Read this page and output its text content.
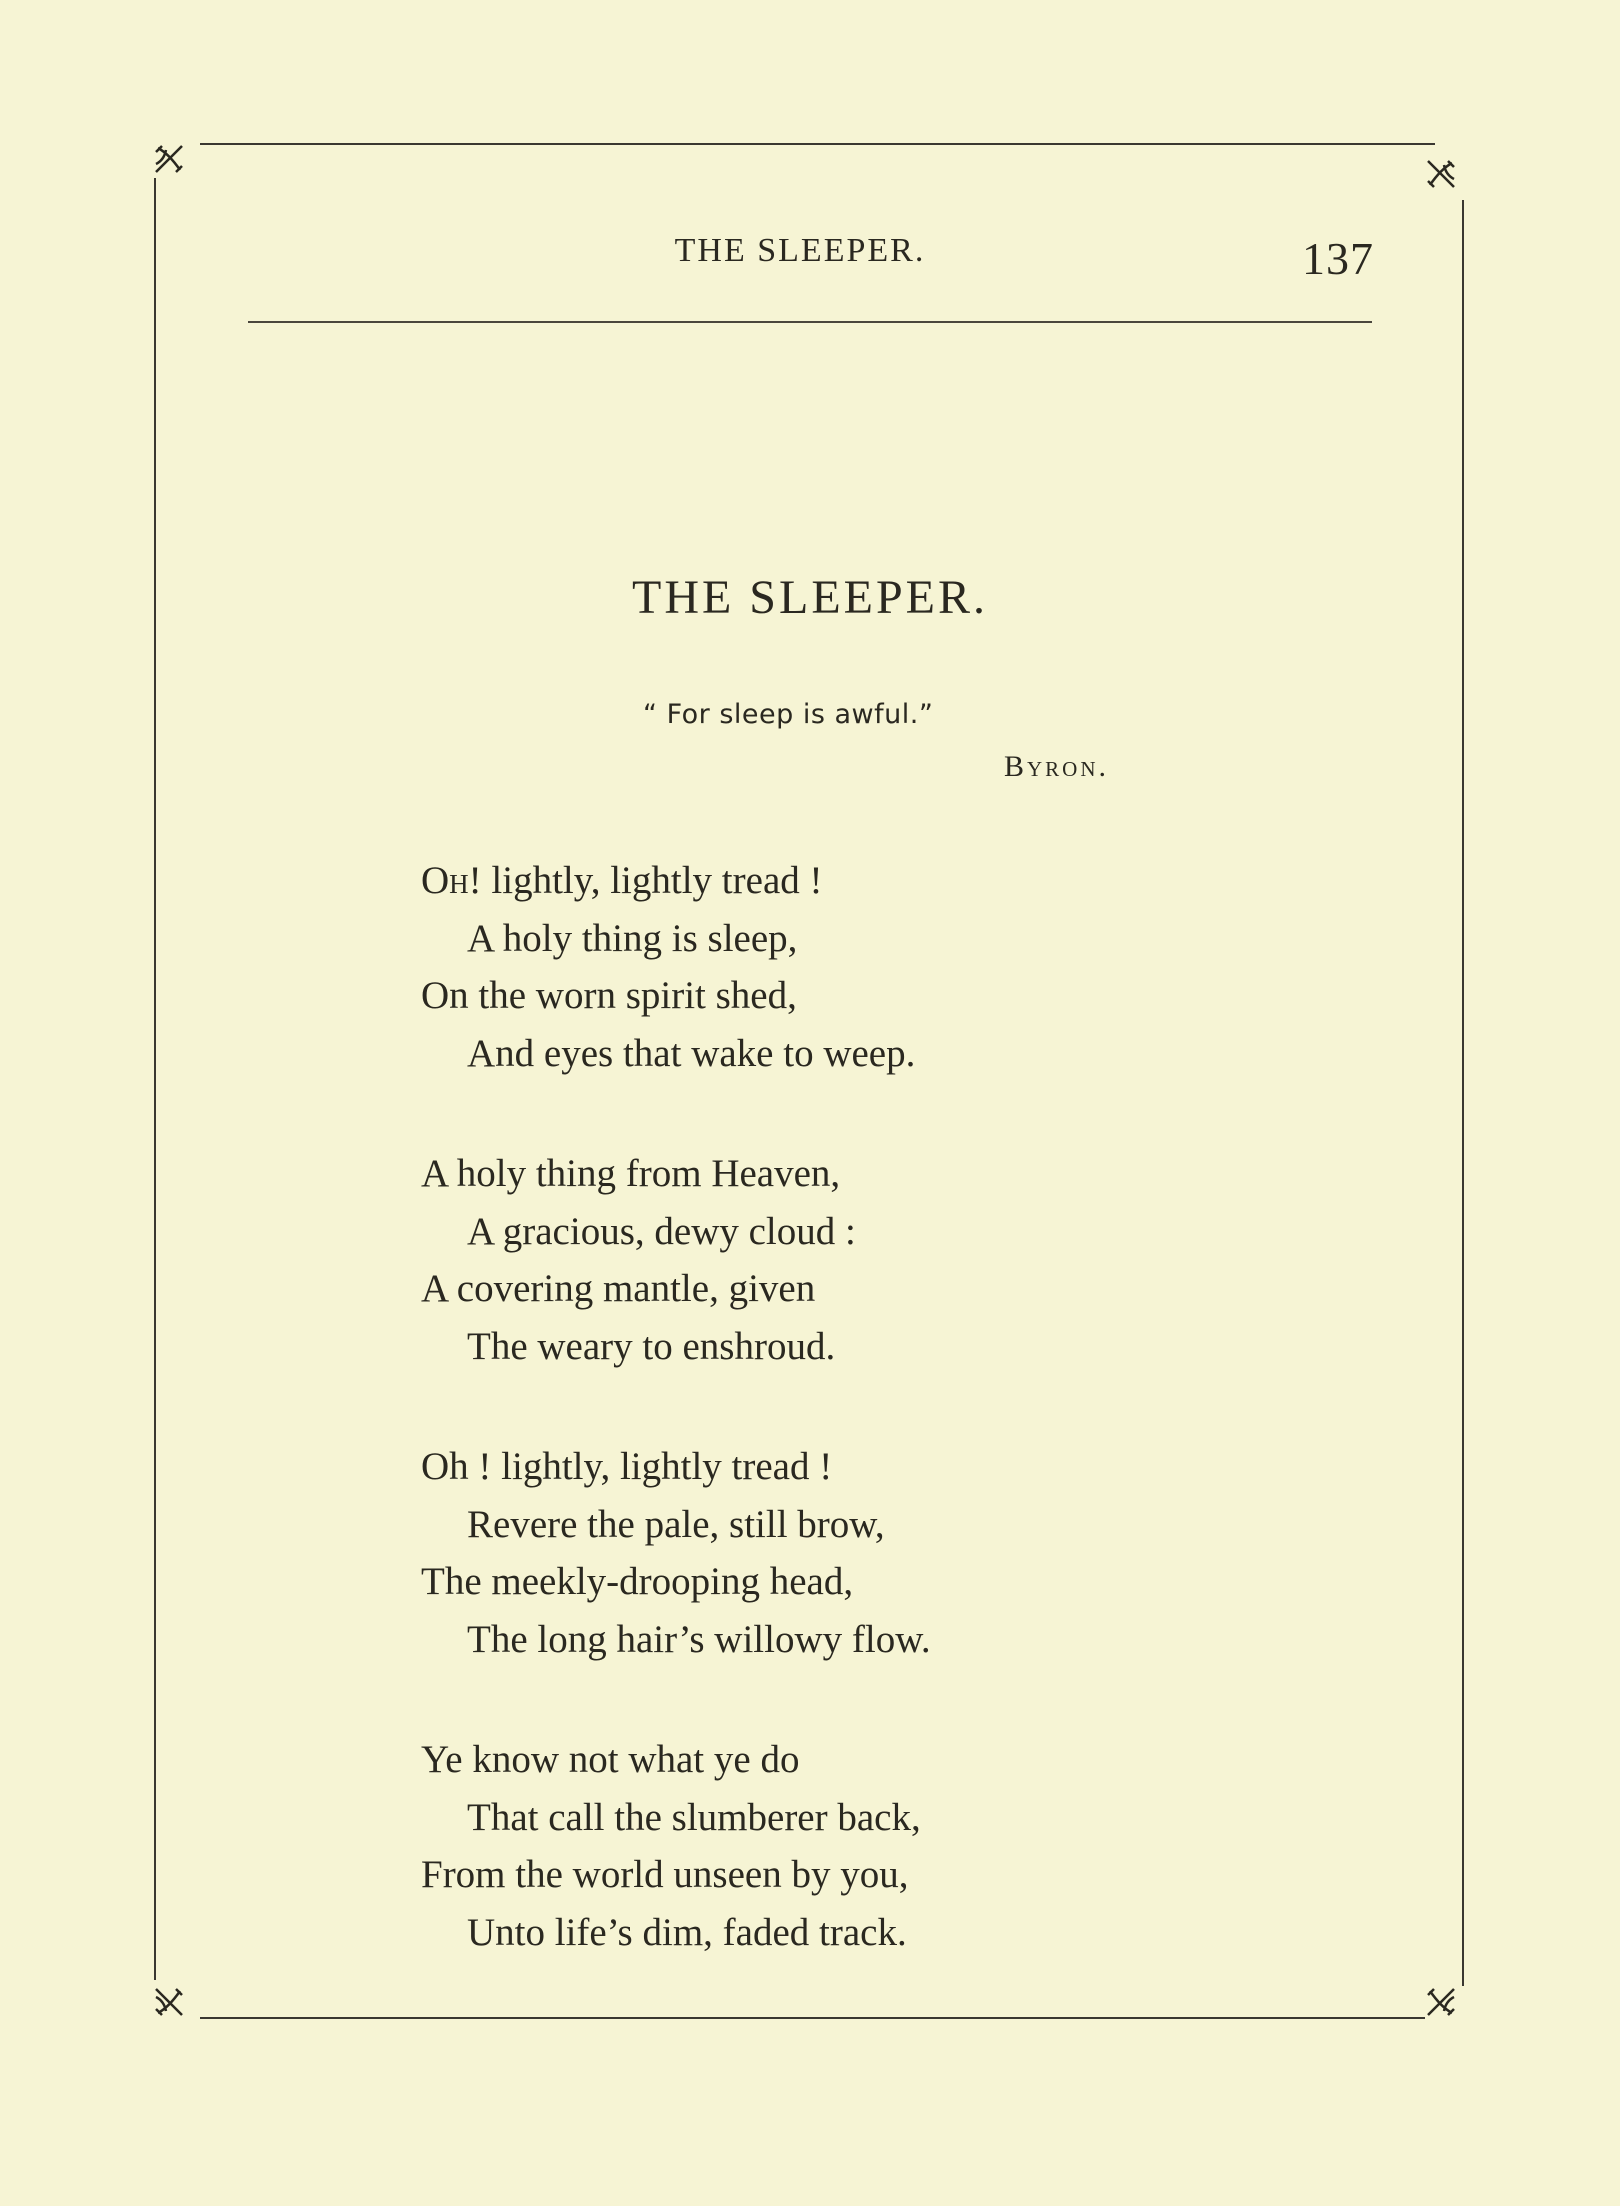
THE SLEEPER.	137
THE SLEEPER.
“ For sleep is awful.”
Byron.
Oh! lightly, lightly tread !
A holy thing is sleep,
On the worn spirit shed,
And eyes that wake to weep.
A holy thing from Heaven,
A gracious, dewy cloud :
A covering mantle, given
The weary to enshroud.
Oh ! lightly, lightly tread !
Revere the pale, still brow,
The meekly-drooping head,
The long hair’s willowy flow.
Ye know not what ye do
That call the slumberer back,
From the world unseen by you,
Unto life’s dim, faded track.
